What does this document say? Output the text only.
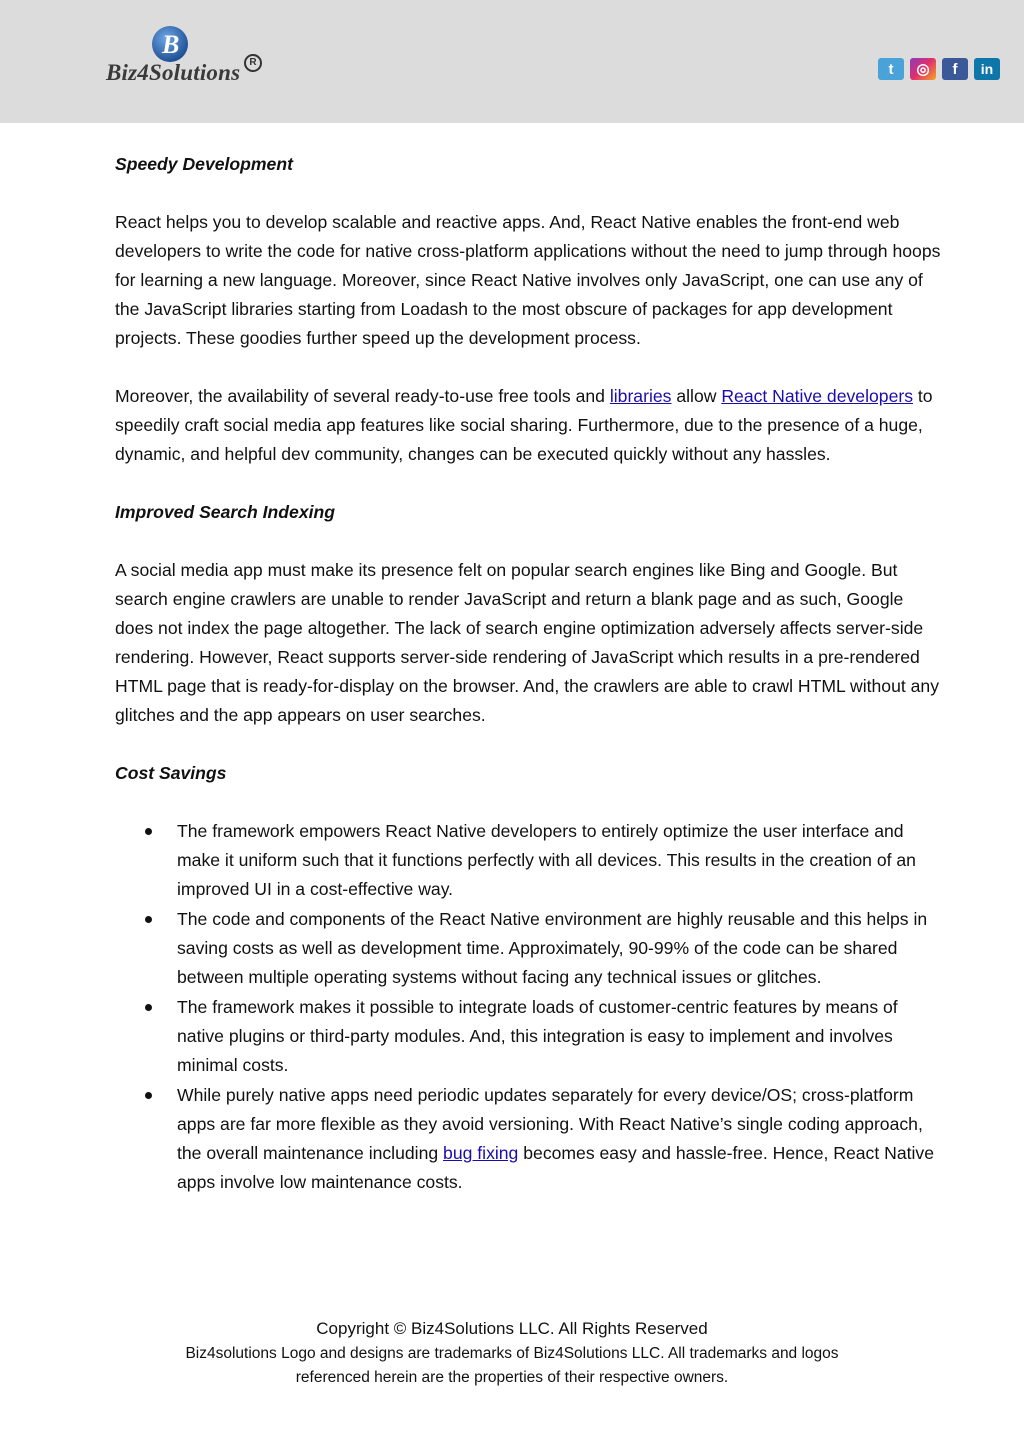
B
Biz4Solutions R	t	◎	f	in

Speedy Development

React helps you to develop scalable and reactive apps. And, React Native enables the front-end web developers to write the code for native cross-platform applications without the need to jump through hoops for learning a new language. Moreover, since React Native involves only JavaScript, one can use any of the JavaScript libraries starting from Loadash to the most obscure of packages for app development projects. These goodies further speed up the development process.

Moreover, the availability of several ready-to-use free tools and libraries allow React Native developers to speedily craft social media app features like social sharing. Furthermore, due to the presence of a huge, dynamic, and helpful dev community, changes can be executed quickly without any hassles.

Improved Search Indexing

A social media app must make its presence felt on popular search engines like Bing and Google. But search engine crawlers are unable to render JavaScript and return a blank page and as such, Google does not index the page altogether. The lack of search engine optimization adversely affects server-side rendering. However, React supports server-side rendering of JavaScript which results in a pre-rendered HTML page that is ready-for-display on the browser. And, the crawlers are able to crawl HTML without any glitches and the app appears on user searches.

Cost Savings

The framework empowers React Native developers to entirely optimize the user interface and make it uniform such that it functions perfectly with all devices. This results in the creation of an improved UI in a cost-effective way.
The code and components of the React Native environment are highly reusable and this helps in saving costs as well as development time. Approximately, 90-99% of the code can be shared between multiple operating systems without facing any technical issues or glitches.
The framework makes it possible to integrate loads of customer-centric features by means of native plugins or third-party modules. And, this integration is easy to implement and involves minimal costs.
While purely native apps need periodic updates separately for every device/OS; cross-platform apps are far more flexible as they avoid versioning. With React Native’s single coding approach, the overall maintenance including bug fixing becomes easy and hassle-free. Hence, React Native apps involve low maintenance costs.
Copyright © Biz4Solutions LLC. All Rights Reserved
Biz4solutions Logo and designs are trademarks of Biz4Solutions LLC. All trademarks and logos
referenced herein are the properties of their respective owners.
